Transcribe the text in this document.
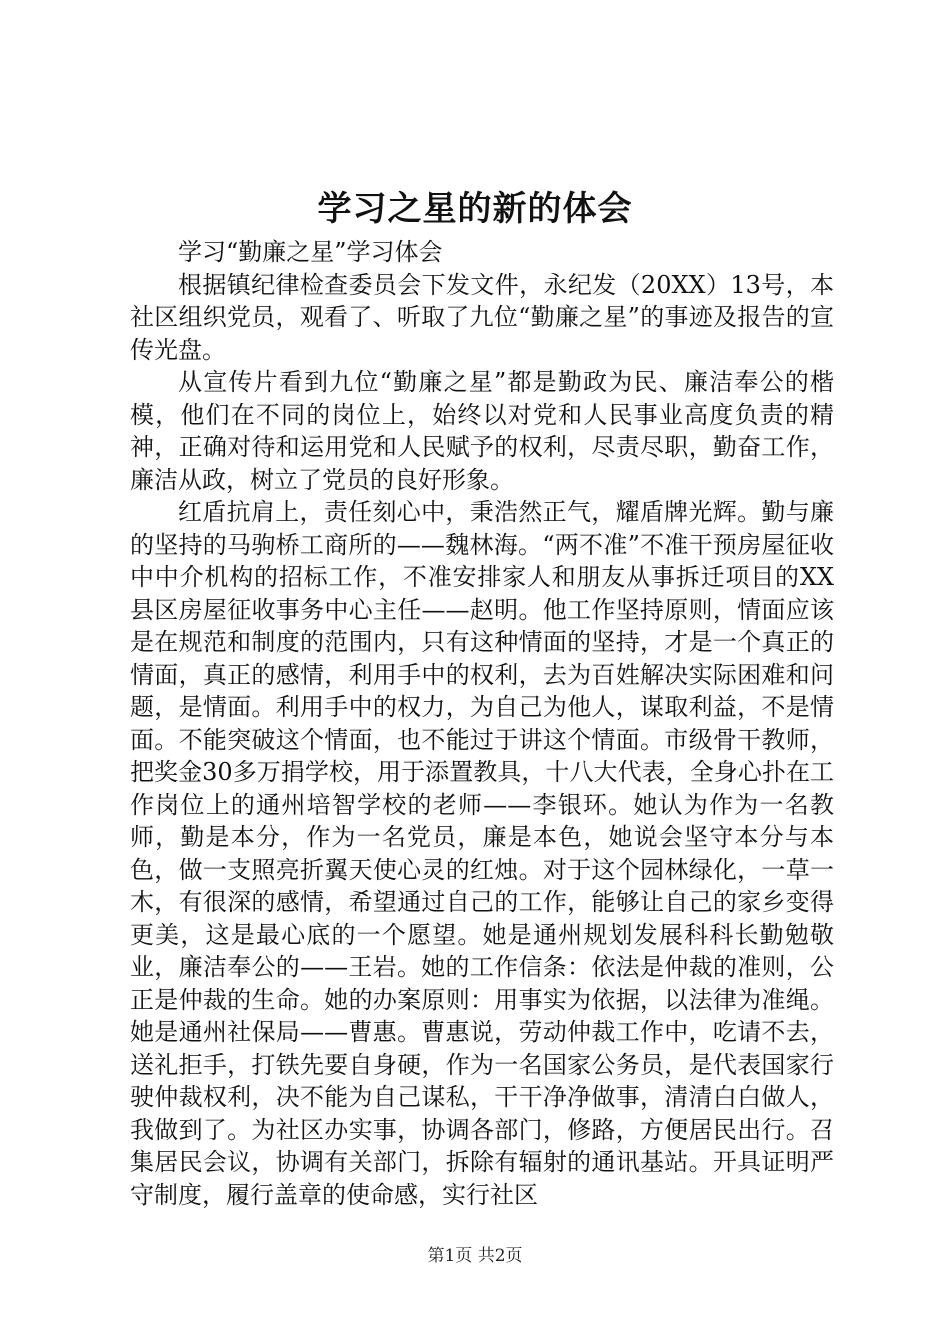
学习之星的新的体会

学习“勤廉之星”学习体会

根据镇纪律检查委员会下发文件，永纪发（20XX）13号，本社区组织党员，观看了、听取了九位“勤廉之星”的事迹及报告的宣传光盘。

从宣传片看到九位“勤廉之星”都是勤政为民、廉洁奉公的楷模，他们在不同的岗位上，始终以对党和人民事业高度负责的精神，正确对待和运用党和人民赋予的权利，尽责尽职，勤奋工作，廉洁从政，树立了党员的良好形象。

红盾抗肩上，责任刻心中，秉浩然正气，耀盾牌光辉。勤与廉的坚持的马驹桥工商所的——魏林海。“两不准”不准干预房屋征收中中介机构的招标工作，不准安排家人和朋友从事拆迁项目的XX县区房屋征收事务中心主任——赵明。他工作坚持原则，情面应该是在规范和制度的范围内，只有这种情面的坚持，才是一个真正的情面，真正的感情，利用手中的权利，去为百姓解决实际困难和问题，是情面。利用手中的权力，为自己为他人，谋取利益，不是情面。不能突破这个情面，也不能过于讲这个情面。市级骨干教师，把奖金30多万捐学校，用于添置教具，十八大代表，全身心扑在工作岗位上的通州培智学校的老师——李银环。她认为作为一名教师，勤是本分，作为一名党员，廉是本色，她说会坚守本分与本色，做一支照亮折翼天使心灵的红烛。对于这个园林绿化，一草一木，有很深的感情，希望通过自己的工作，能够让自己的家乡变得更美，这是最心底的一个愿望。她是通州规划发展科科长勤勉敬业，廉洁奉公的——王岩。她的工作信条：依法是仲裁的准则，公正是仲裁的生命。她的办案原则：用事实为依据，以法律为准绳。她是通州社保局——曹惠。曹惠说，劳动仲裁工作中，吃请不去，送礼拒手，打铁先要自身硬，作为一名国家公务员，是代表国家行驶仲裁权利，决不能为自己谋私，干干净净做事，清清白白做人，我做到了。为社区办实事，协调各部门，修路，方便居民出行。召集居民会议，协调有关部门，拆除有辐射的通讯基站。开具证明严守制度，履行盖章的使命感，实行社区

第1页 共2页
